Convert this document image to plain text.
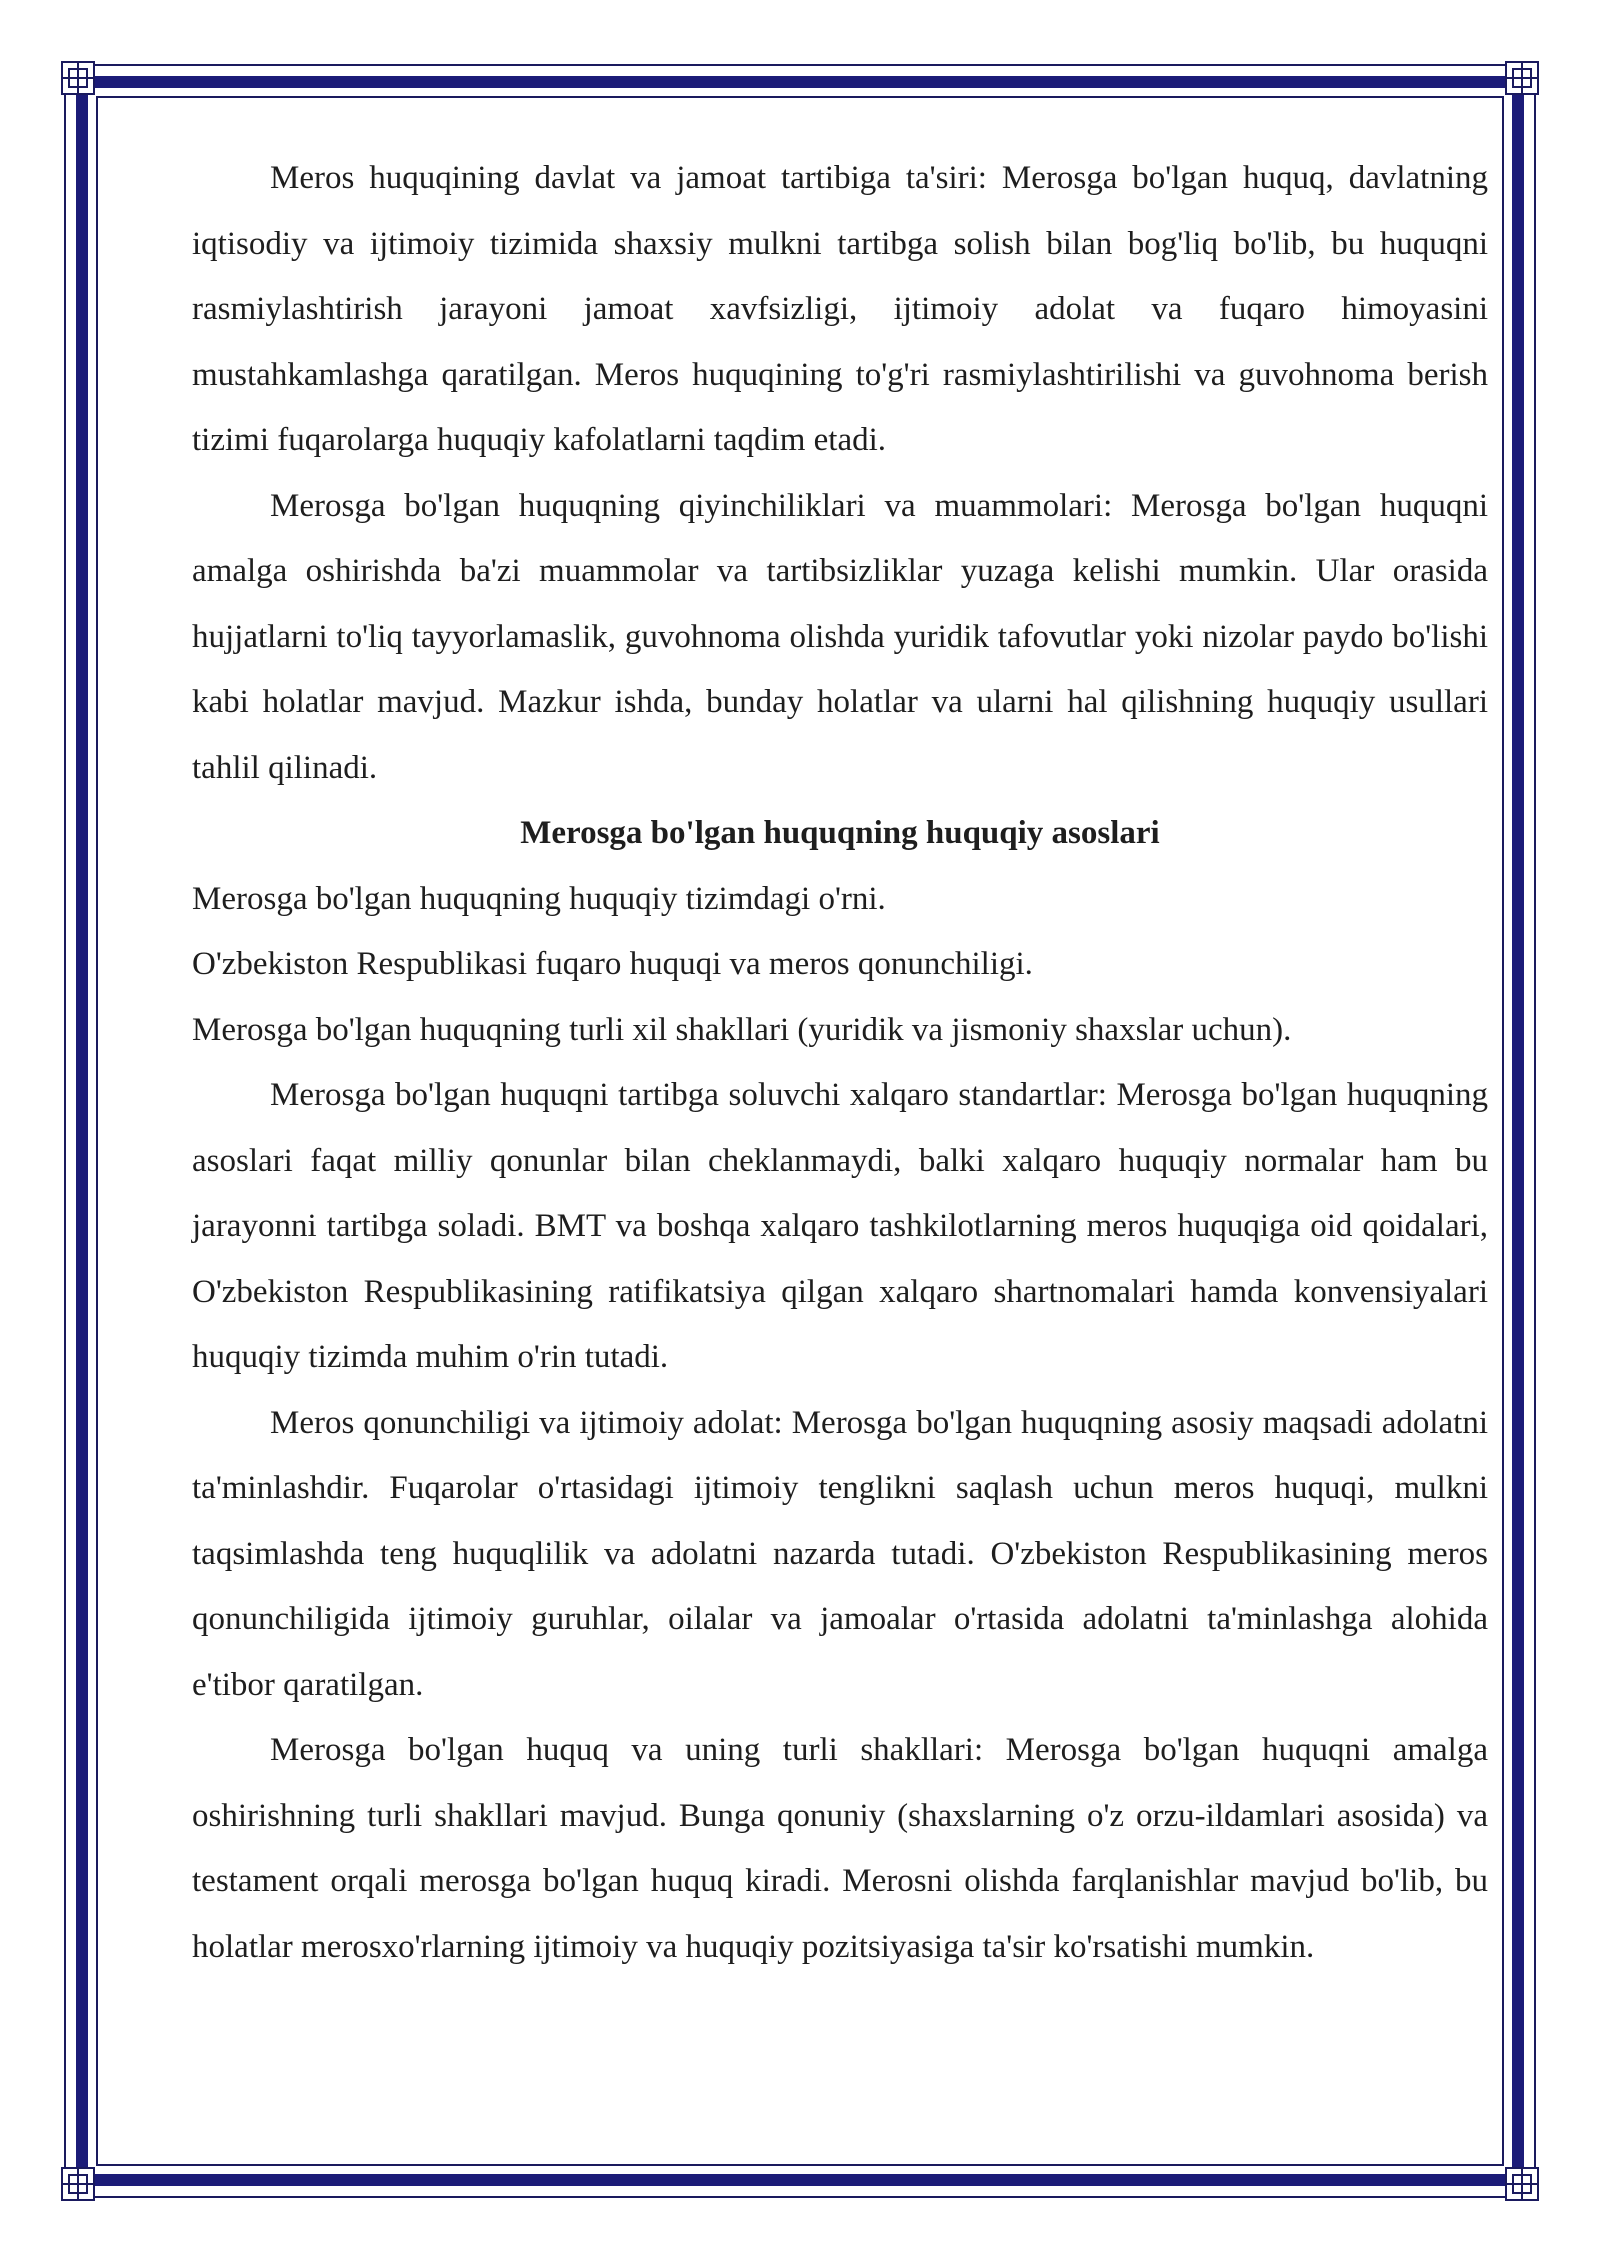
Meros huquqining davlat va jamoat tartibiga ta'siri: Merosga bo'lgan huquq, davlatning iqtisodiy va ijtimoiy tizimida shaxsiy mulkni tartibga solish bilan bog'liq bo'lib, bu huquqni rasmiylashtirish jarayoni jamoat xavfsizligi, ijtimoiy adolat va fuqaro himoyasini mustahkamlashga qaratilgan. Meros huquqining to'g'ri rasmiylashtirilishi va guvohnoma berish tizimi fuqarolarga huquqiy kafolatlarni taqdim etadi.

Merosga bo'lgan huquqning qiyinchiliklari va muammolari: Merosga bo'lgan huquqni amalga oshirishda ba'zi muammolar va tartibsizliklar yuzaga kelishi mumkin. Ular orasida hujjatlarni to'liq tayyorlamaslik, guvohnoma olishda yuridik tafovutlar yoki nizolar paydo bo'lishi kabi holatlar mavjud. Mazkur ishda, bunday holatlar va ularni hal qilishning huquqiy usullari tahlil qilinadi.

Merosga bo'lgan huquqning huquqiy asoslari

Merosga bo'lgan huquqning huquqiy tizimdagi o'rni.

O'zbekiston Respublikasi fuqaro huquqi va meros qonunchiligi.

Merosga bo'lgan huquqning turli xil shakllari (yuridik va jismoniy shaxslar uchun).

Merosga bo'lgan huquqni tartibga soluvchi xalqaro standartlar: Merosga bo'lgan huquqning asoslari faqat milliy qonunlar bilan cheklanmaydi, balki xalqaro huquqiy normalar ham bu jarayonni tartibga soladi. BMT va boshqa xalqaro tashkilotlarning meros huquqiga oid qoidalari, O'zbekiston Respublikasining ratifikatsiya qilgan xalqaro shartnomalari hamda konvensiyalari huquqiy tizimda muhim o'rin tutadi.

Meros qonunchiligi va ijtimoiy adolat: Merosga bo'lgan huquqning asosiy maqsadi adolatni ta'minlashdir. Fuqarolar o'rtasidagi ijtimoiy tenglikni saqlash uchun meros huquqi, mulkni taqsimlashda teng huquqlilik va adolatni nazarda tutadi. O'zbekiston Respublikasining meros qonunchiligida ijtimoiy guruhlar, oilalar va jamoalar o'rtasida adolatni ta'minlashga alohida e'tibor qaratilgan.

Merosga bo'lgan huquq va uning turli shakllari: Merosga bo'lgan huquqni amalga oshirishning turli shakllari mavjud. Bunga qonuniy (shaxslarning o'z orzu-ildamlari asosida) va testament orqali merosga bo'lgan huquq kiradi. Merosni olishda farqlanishlar mavjud bo'lib, bu holatlar merosxo'rlarning ijtimoiy va huquqiy pozitsiyasiga ta'sir ko'rsatishi mumkin.
